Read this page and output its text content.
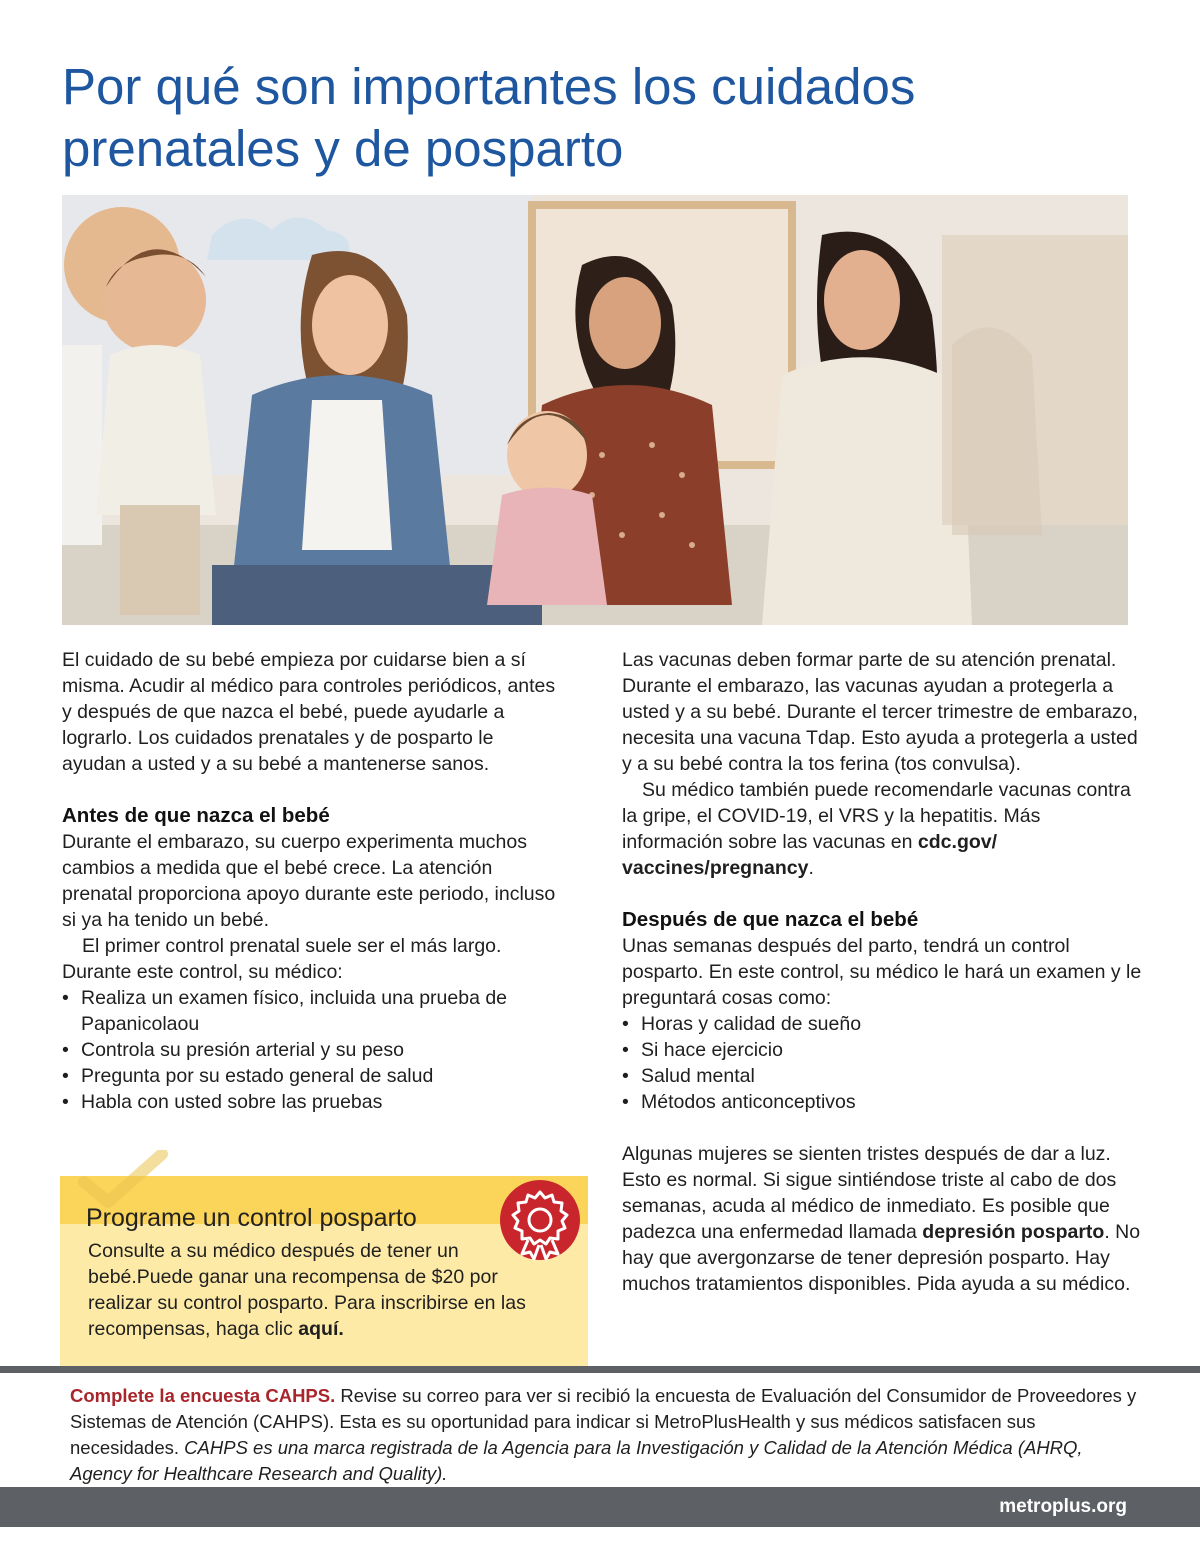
Por qué son importantes los cuidados prenatales y de posparto

El cuidado de su bebé empieza por cuidarse bien a sí misma. Acudir al médico para controles periódicos, antes y después de que nazca el bebé, puede ayudarle a lograrlo. Los cuidados prenatales y de posparto le ayudan a usted y a su bebé a mantenerse sanos.

Antes de que nazca el bebé

Durante el embarazo, su cuerpo experimenta muchos cambios a medida que el bebé crece. La atención prenatal proporciona apoyo durante este periodo, incluso si ya ha tenido un bebé.

El primer control prenatal suele ser el más largo. Durante este control, su médico:

• Realiza un examen físico, incluida una prueba de Papanicolaou
• Controla su presión arterial y su peso
• Pregunta por su estado general de salud
• Habla con usted sobre las pruebas
Programe un control posparto
Consulte a su médico después de tener un bebé.Puede ganar una recompensa de $20 por realizar su control posparto. Para inscribirse en las recompensas, haga clic aquí.

Las vacunas deben formar parte de su atención prenatal. Durante el embarazo, las vacunas ayudan a protegerla a usted y a su bebé. Durante el tercer trimestre de embarazo, necesita una vacuna Tdap. Esto ayuda a protegerla a usted y a su bebé contra la tos ferina (tos convulsa).

Su médico también puede recomendarle vacunas contra la gripe, el COVID-19, el VRS y la hepatitis. Más información sobre las vacunas en cdc.gov/ vaccines/pregnancy.

Después de que nazca el bebé

Unas semanas después del parto, tendrá un control posparto. En este control, su médico le hará un examen y le preguntará cosas como:

• Horas y calidad de sueño
• Si hace ejercicio
• Salud mental
• Métodos anticonceptivos

Algunas mujeres se sienten tristes después de dar a luz. Esto es normal. Si sigue sintiéndose triste al cabo de dos semanas, acuda al médico de inmediato. Es posible que padezca una enfermedad llamada depresión posparto. No hay que avergonzarse de tener depresión posparto. Hay muchos tratamientos disponibles. Pida ayuda a su médico.

Complete la encuesta CAHPS. Revise su correo para ver si recibió la encuesta de Evaluación del Consumidor de Proveedores y Sistemas de Atención (CAHPS). Esta es su oportunidad para indicar si MetroPlusHealth y sus médicos satisfacen sus necesidades. CAHPS es una marca registrada de la Agencia para la Investigación y Calidad de la Atención Médica (AHRQ, Agency for Healthcare Research and Quality).

metroplus.org
